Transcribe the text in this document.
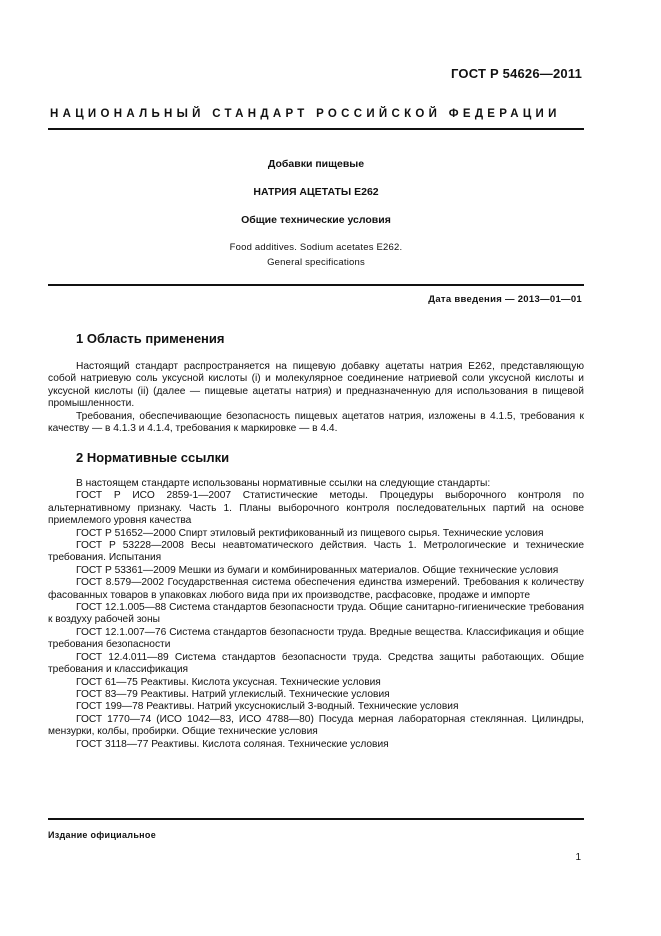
ГОСТ Р 54626—2011
НАЦИОНАЛЬНЫЙ СТАНДАРТ РОССИЙСКОЙ ФЕДЕРАЦИИ
Добавки пищевые
НАТРИЯ АЦЕТАТЫ Е262
Общие технические условия
Food additives. Sodium acetates E262.
General specifications
Дата введения — 2013—01—01
1 Область применения

Настоящий стандарт распространяется на пищевую добавку ацетаты натрия Е262, представляющую собой натриевую соль уксусной кислоты (i) и молекулярное соединение натриевой соли уксусной кислоты и уксусной кислоты (ii) (далее — пищевые ацетаты натрия) и предназначенную для использования в пищевой промышленности.

Требования, обеспечивающие безопасность пищевых ацетатов натрия, изложены в 4.1.5, требования к качеству — в 4.1.3 и 4.1.4, требования к маркировке — в 4.4.

2 Нормативные ссылки

В настоящем стандарте использованы нормативные ссылки на следующие стандарты:

ГОСТ Р ИСО 2859-1—2007 Статистические методы. Процедуры выборочного контроля по альтернативному признаку. Часть 1. Планы выборочного контроля последовательных партий на основе приемлемого уровня качества

ГОСТ Р 51652—2000 Спирт этиловый ректификованный из пищевого сырья. Технические условия

ГОСТ Р 53228—2008 Весы неавтоматического действия. Часть 1. Метрологические и технические требования. Испытания

ГОСТ Р 53361—2009 Мешки из бумаги и комбинированных материалов. Общие технические условия

ГОСТ 8.579—2002 Государственная система обеспечения единства измерений. Требования к количеству фасованных товаров в упаковках любого вида при их производстве, расфасовке, продаже и импорте

ГОСТ 12.1.005—88 Система стандартов безопасности труда. Общие санитарно-гигиенические требования к воздуху рабочей зоны

ГОСТ 12.1.007—76 Система стандартов безопасности труда. Вредные вещества. Классификация и общие требования безопасности

ГОСТ 12.4.011—89 Система стандартов безопасности труда. Средства защиты работающих. Общие требования и классификация

ГОСТ 61—75 Реактивы. Кислота уксусная. Технические условия

ГОСТ 83—79 Реактивы. Натрий углекислый. Технические условия

ГОСТ 199—78 Реактивы. Натрий уксуснокислый 3-водный. Технические условия

ГОСТ 1770—74 (ИСО 1042—83, ИСО 4788—80) Посуда мерная лабораторная стеклянная. Цилиндры, мензурки, колбы, пробирки. Общие технические условия

ГОСТ 3118—77 Реактивы. Кислота соляная. Технические условия

Издание официальное
1
